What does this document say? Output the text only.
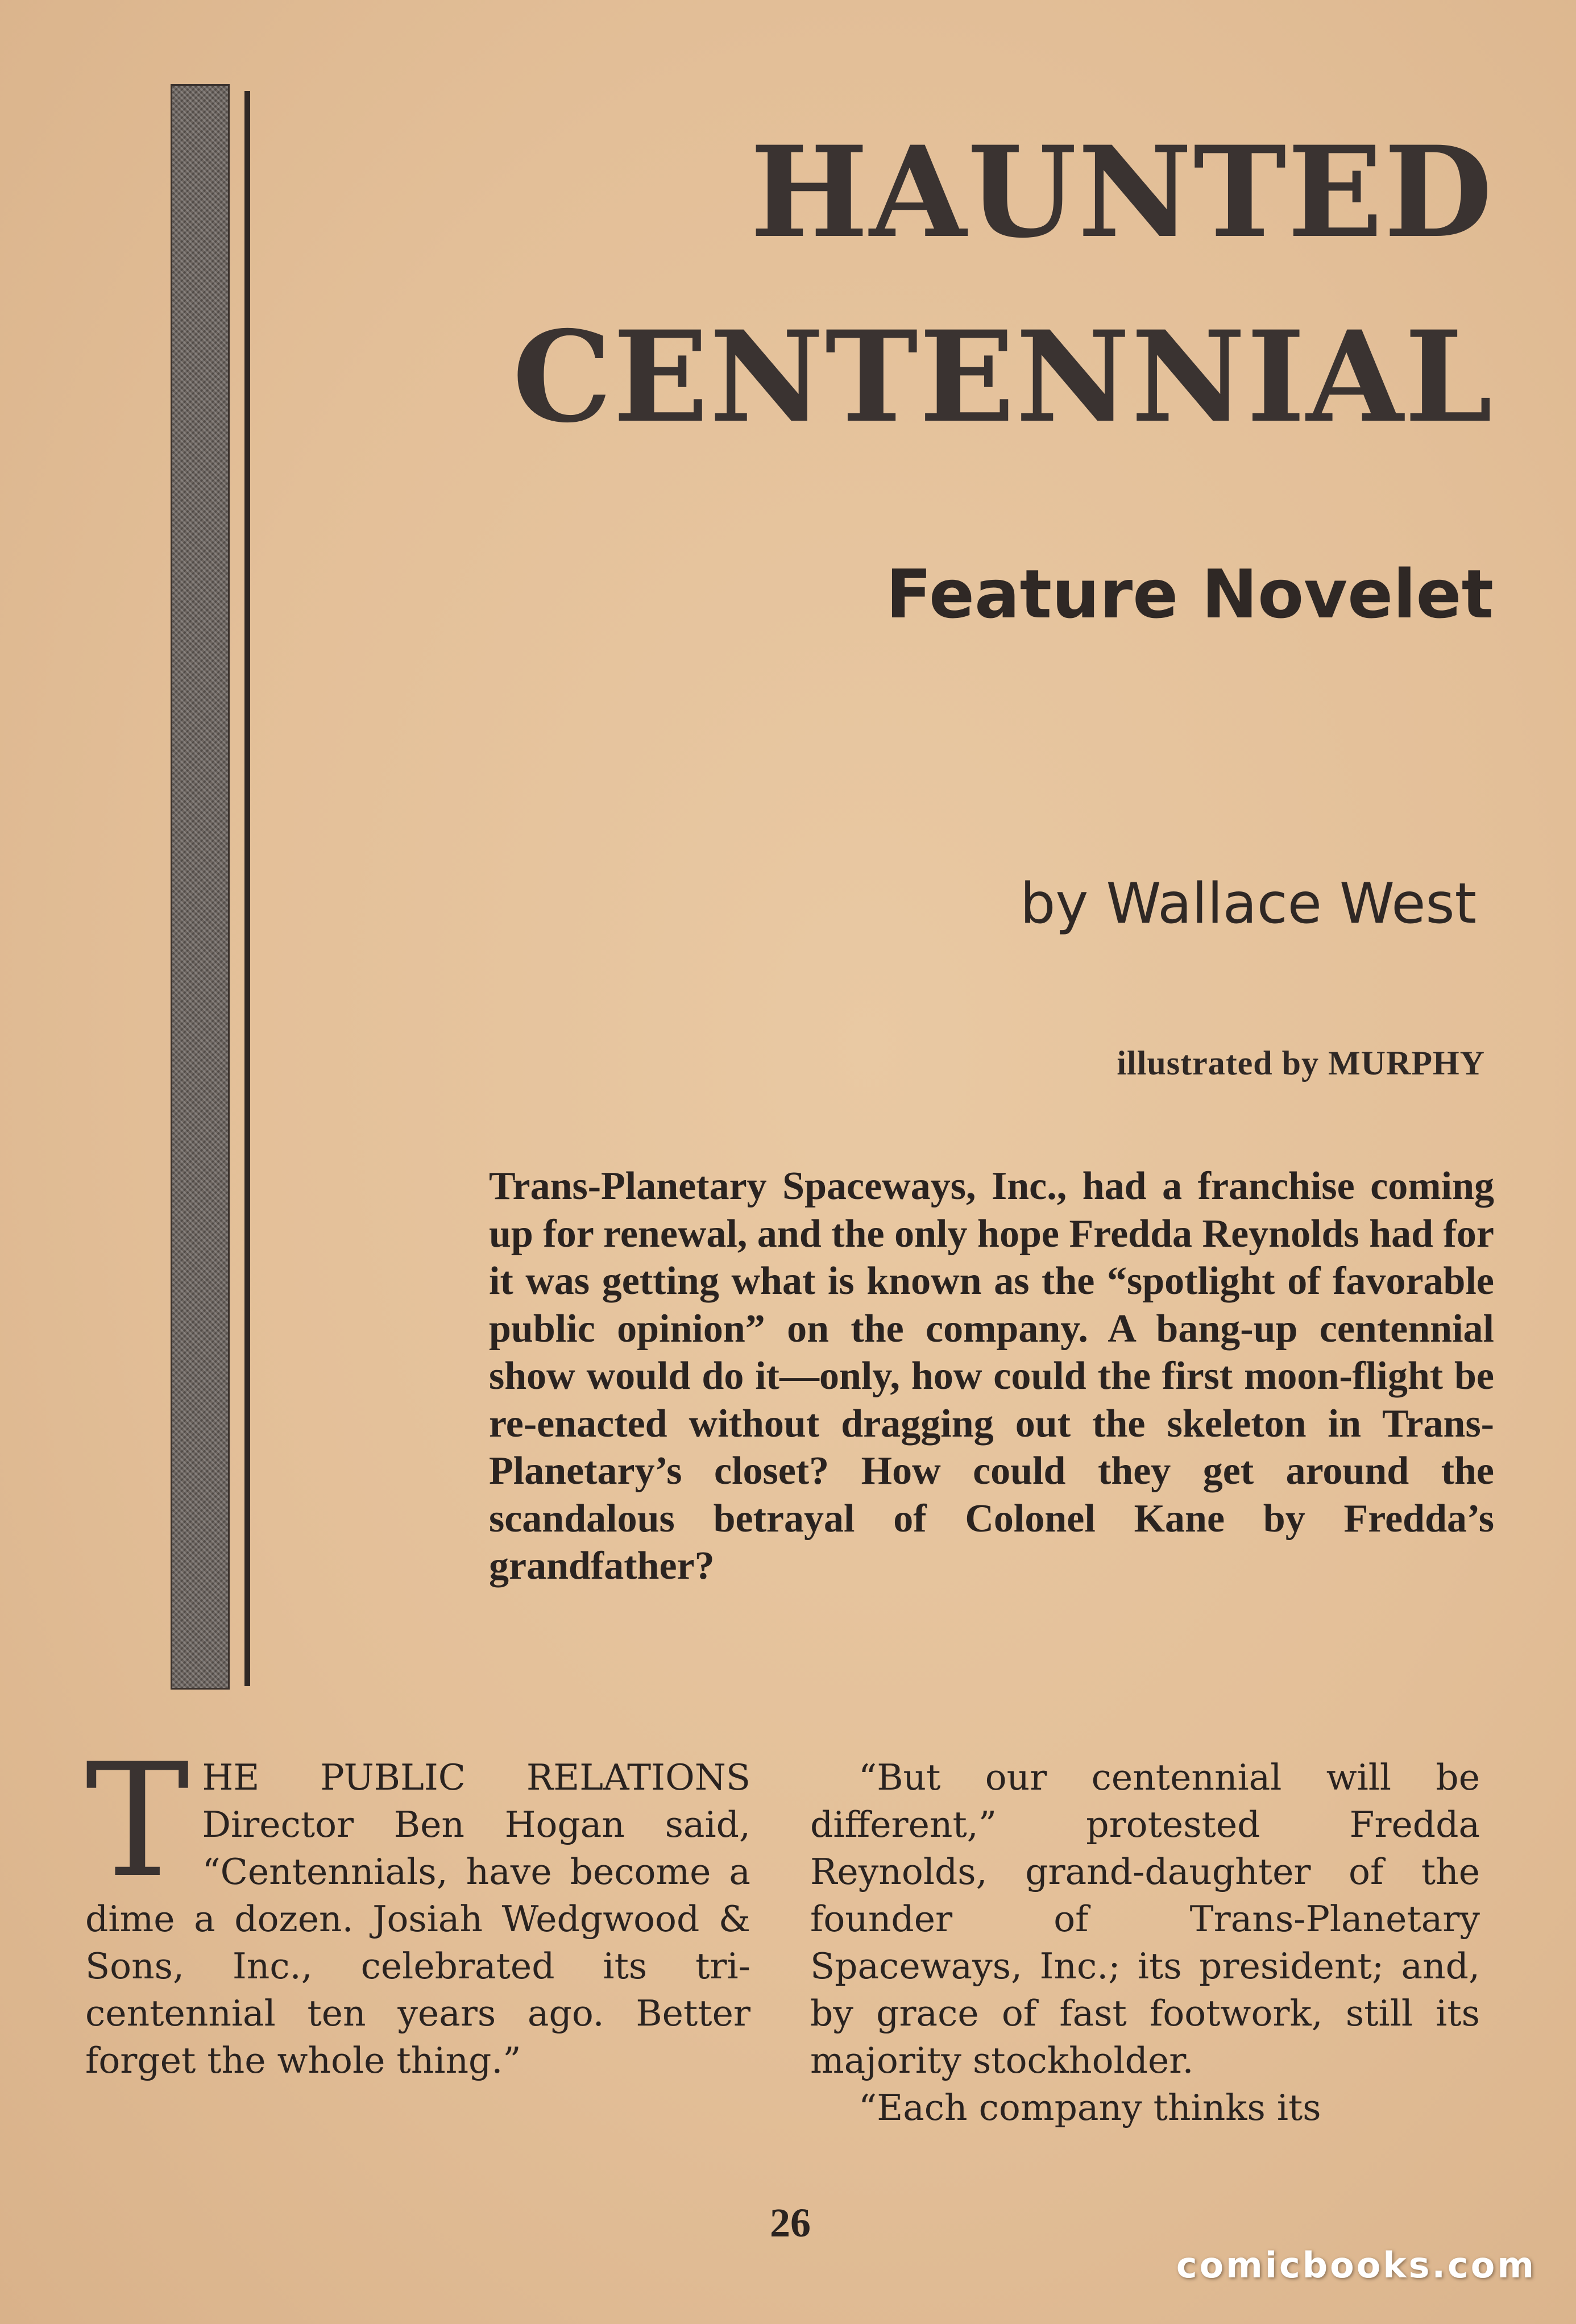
HAUNTED CENTENNIAL
Feature Novelet

by Wallace West

illustrated by MURPHY

Trans-Planetary Spaceways, Inc., had a franchise coming up for renewal, and the only hope Fredda Reynolds had for it was getting what is known as the “spotlight of favorable public opinion” on the company. A bang-up centennial show would do it—only, how could the first moon-flight be re-enacted without dragging out the skeleton in Trans-Planetary’s closet? How could they get around the scandalous betrayal of Colonel Kane by Fredda’s grandfather?

T HE PUBLIC RELATIONS Director Ben Hogan said, “Centennials, have become a dime a dozen. Josiah Wedgwood & Sons, Inc., celebrated its tri-centennial ten years ago. Better forget the whole thing.”

“But our centennial will be different,” protested Fredda Reynolds, grand-daughter of the founder of Trans-Planetary Spaceways, Inc.; its president; and, by grace of fast footwork, still its majority stockholder.

“Each company thinks its

26

comicbooks.com
